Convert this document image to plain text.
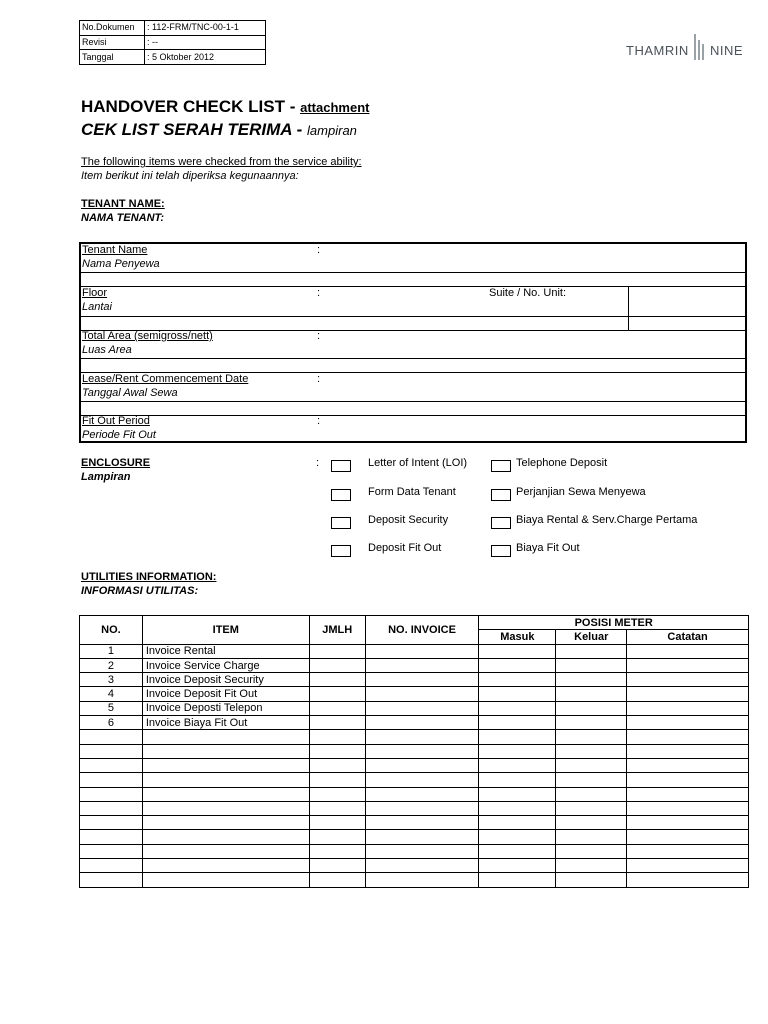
No.Dokumen	: 112-FRM/TNC-00-1-1
Revisi	: --
Tanggal	: 5 Oktober 2012	THAMRIN NINE
HANDOVER CHECK LIST - attachment
CEK LIST SERAH TERIMA - lampiran
The following items were checked from the service ability:
Item berikut ini telah diperiksa kegunaannya:
TENANT NAME:
NAMA TENANT:
Tenant Name
Nama Penyewa
:
Floor
Lantai
:	Suite / No. Unit:
Total Area (semigross/nett)
Luas Area
:
Lease/Rent Commencement Date
Tanggal Awal Sewa
:
Fit Out Period
Periode Fit Out
:
ENCLOSURE
Lampiran
:	Letter of Intent (LOI)	Telephone Deposit
Form Data Tenant	Perjanjian Sewa Menyewa
Deposit Security	Biaya Rental & Serv.Charge Pertama
Deposit Fit Out	Biaya Fit Out
UTILITIES INFORMATION:
INFORMASI UTILITAS:
NO.	ITEM	JMLH	NO. INVOICE	POSISI METER		
				Masuk	Keluar	Catatan
1	Invoice Rental					
2	Invoice Service Charge					
3	Invoice Deposit Security					
4	Invoice Deposit Fit Out					
5	Invoice Deposti Telepon					
6	Invoice Biaya Fit Out					
